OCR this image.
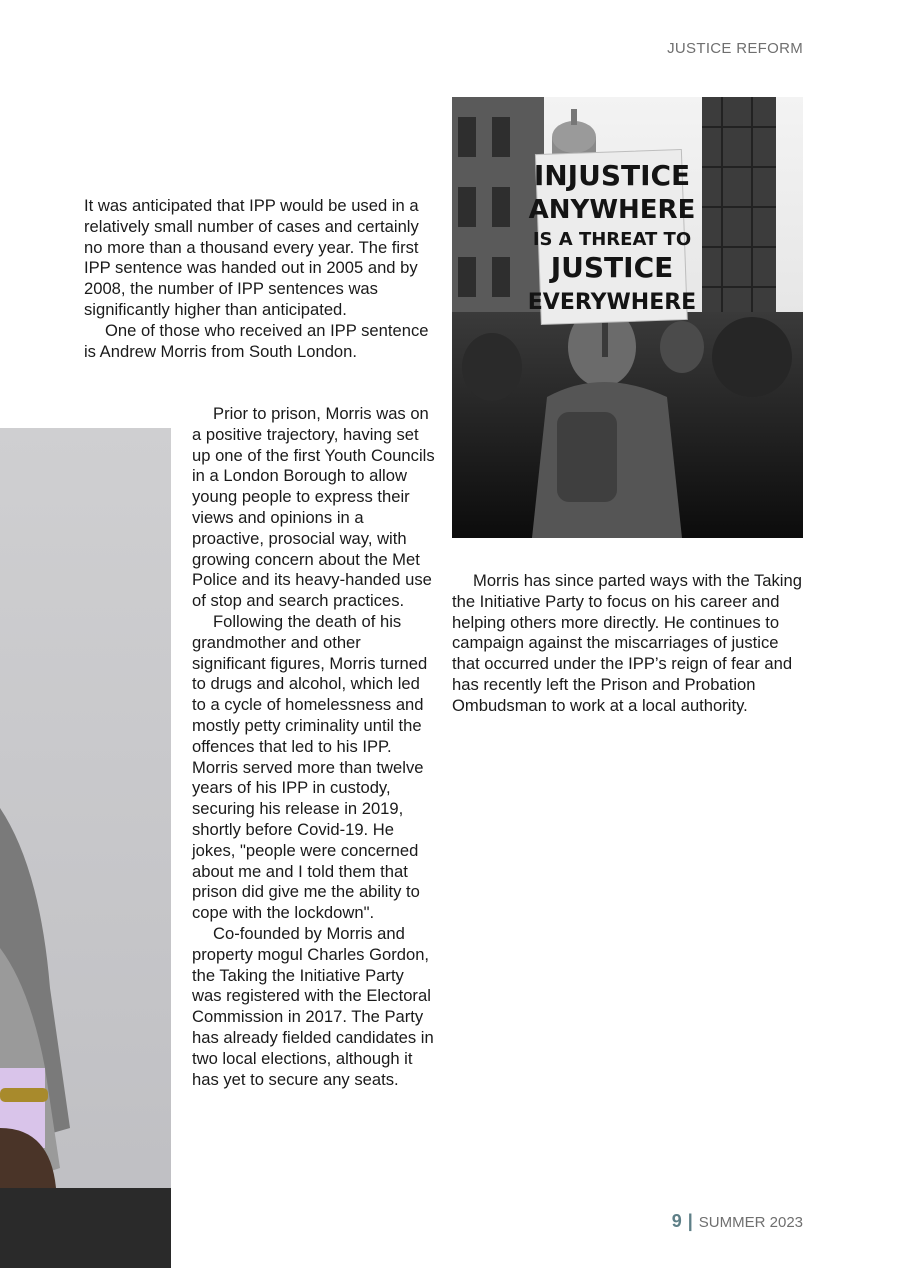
JUSTICE REFORM
INJUSTICE
ANYWHERE
IS A THREAT TO
JUSTICE
EVERYWHERE

It was anticipated that IPP would be used in a relatively small number of cases and certainly no more than a thousand every year. The first IPP sentence was handed out in 2005 and by 2008, the number of IPP sentences was significantly higher than anticipated.

One of those who received an IPP sentence is Andrew Morris from South London.

Prior to prison, Morris was on a positive trajectory, having set up one of the first Youth Councils in a London Borough to allow young people to express their views and opinions in a proactive, prosocial way, with growing concern about the Met Police and its heavy-handed use of stop and search practices.

Following the death of his grandmother and other significant figures, Morris turned to drugs and alcohol, which led to a cycle of homelessness and mostly petty criminality until the offences that led to his IPP. Morris served more than twelve years of his IPP in custody, securing his release in 2019, shortly before Covid-19. He jokes, "people were concerned about me and I told them that prison did give me the ability to cope with the lockdown".

Co-founded by Morris and property mogul Charles Gordon, the Taking the Initiative Party was registered with the Electoral Commission in 2017. The Party has already fielded candidates in two local elections, although it has yet to secure any seats.

Morris has since parted ways with the Taking the Initiative Party to focus on his career and helping others more directly. He continues to campaign against the miscarriages of justice that occurred under the IPP’s reign of fear and has recently left the Prison and Probation Ombudsman to work at a local authority.

9 | SUMMER 2023
